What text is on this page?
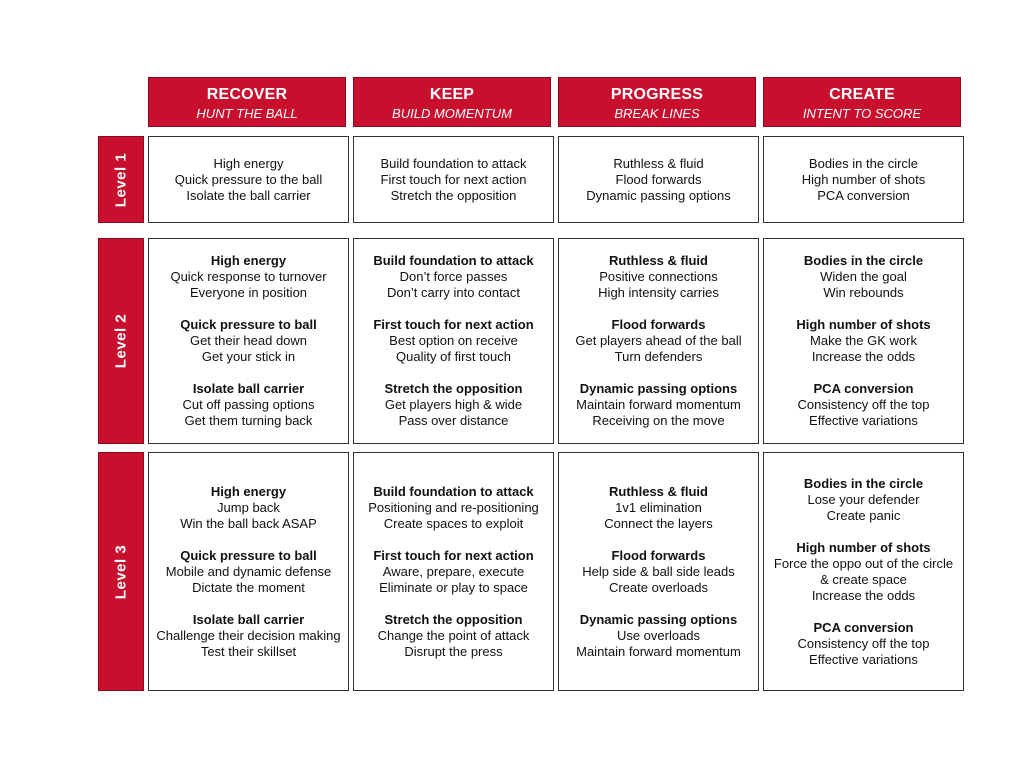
RECOVER
HUNT THE BALL
KEEP
BUILD MOMENTUM
PROGRESS
BREAK LINES
CREATE
INTENT TO SCORE
Level 1
Level 2
Level 3
High energy
Quick pressure to the ball
Isolate the ball carrier
Build foundation to attack
First touch for next action
Stretch the opposition
Ruthless & fluid
Flood forwards
Dynamic passing options
Bodies in the circle
High number of shots
PCA conversion
High energy
Quick response to turnover
Everyone in position
Quick pressure to ball
Get their head down
Get your stick in
Isolate ball carrier
Cut off passing options
Get them turning back
Build foundation to attack
Don’t force passes
Don’t carry into contact
First touch for next action
Best option on receive
Quality of first touch
Stretch the opposition
Get players high & wide
Pass over distance
Ruthless & fluid
Positive connections
High intensity carries
Flood forwards
Get players ahead of the ball
Turn defenders
Dynamic passing options
Maintain forward momentum
Receiving on the move
Bodies in the circle
Widen the goal
Win rebounds
High number of shots
Make the GK work
Increase the odds
PCA conversion
Consistency off the top
Effective variations
High energy
Jump back
Win the ball back ASAP
Quick pressure to ball
Mobile and dynamic defense
Dictate the moment
Isolate ball carrier
Challenge their decision making
Test their skillset
Build foundation to attack
Positioning and re-positioning
Create spaces to exploit
First touch for next action
Aware, prepare, execute
Eliminate or play to space
Stretch the opposition
Change the point of attack
Disrupt the press
Ruthless & fluid
1v1 elimination
Connect the layers
Flood forwards
Help side & ball side leads
Create overloads
Dynamic passing options
Use overloads
Maintain forward momentum
Bodies in the circle
Lose your defender
Create panic
High number of shots
Force the oppo out of the circle
& create space
Increase the odds
PCA conversion
Consistency off the top
Effective variations
